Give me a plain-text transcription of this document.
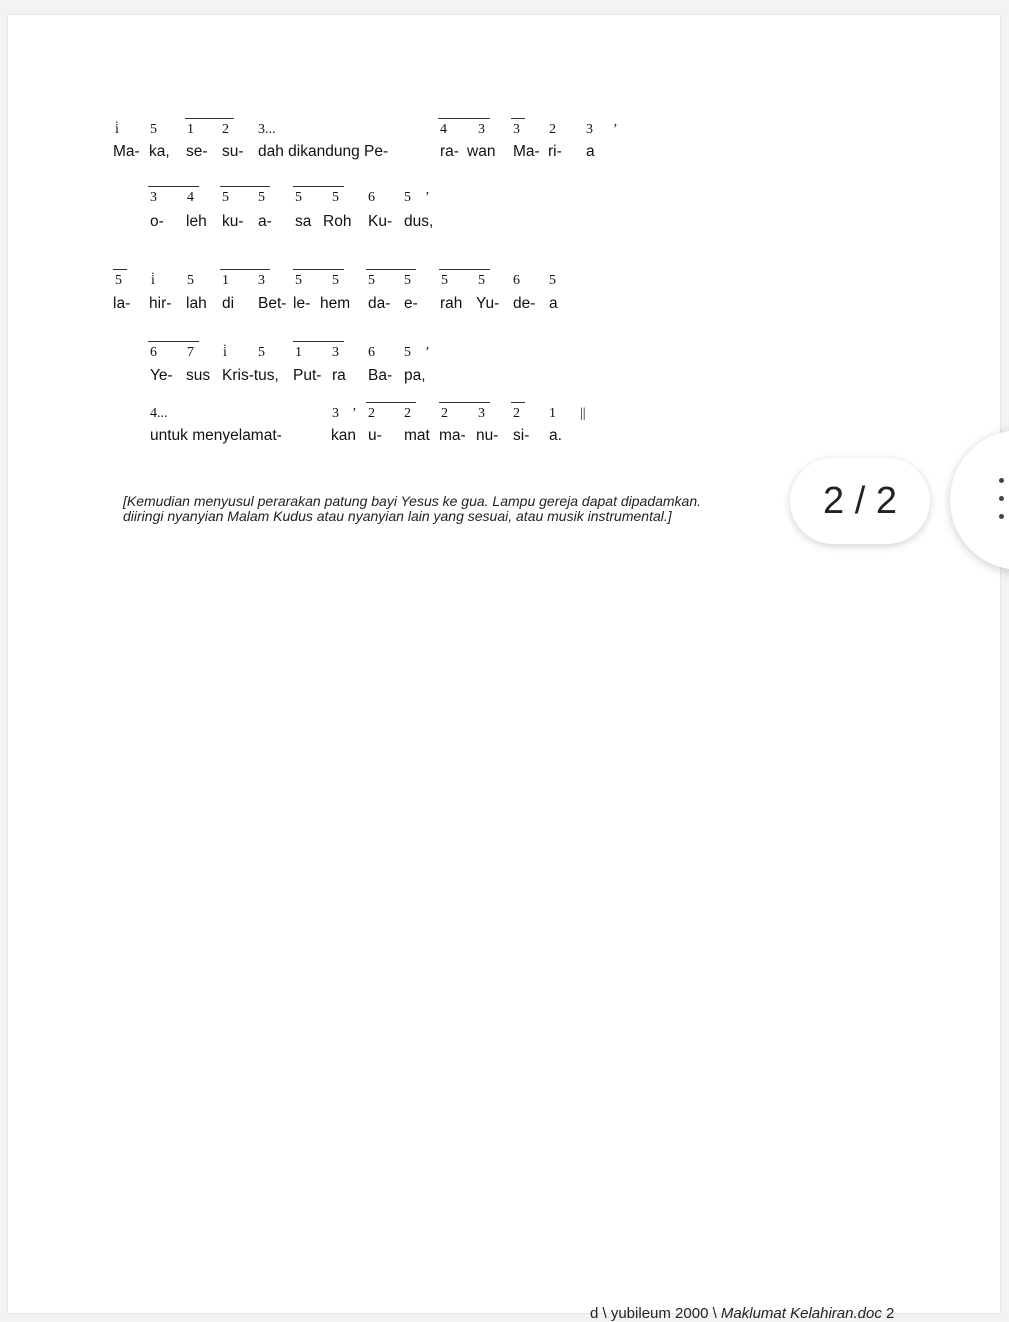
i̇ 5 1 2 3...	4 3 3 2 3 ’
Ma- ka, se- su- dah dikandung Pe-	ra- wan Ma- ri- a
3 4 5 5 5 5 6 5 ’
o- leh ku- a- sa Roh Ku- dus,
5 i̇ 5 1 3 5 5 5 5 5 5 6 5
la- hir- lah di Bet- le- hem da- e- rah Yu- de- a
6 7 i̇ 5 1 3 6 5 ’
Ye- sus Kris-tus, Put- ra Ba- pa,
4...	3 ’ 2 2 2 3 2 1 ||
untuk menyelamat-	kan u- mat ma- nu- si- a.
[Kemudian menyusul perarakan patung bayi Yesus ke gua. Lampu gereja dapat dipadamkan.
diiringi nyanyian Malam Kudus atau nyanyian lain yang sesuai, atau musik instrumental.]
d \ yubileum 2000 \ Maklumat Kelahiran.doc 2
2 / 2
